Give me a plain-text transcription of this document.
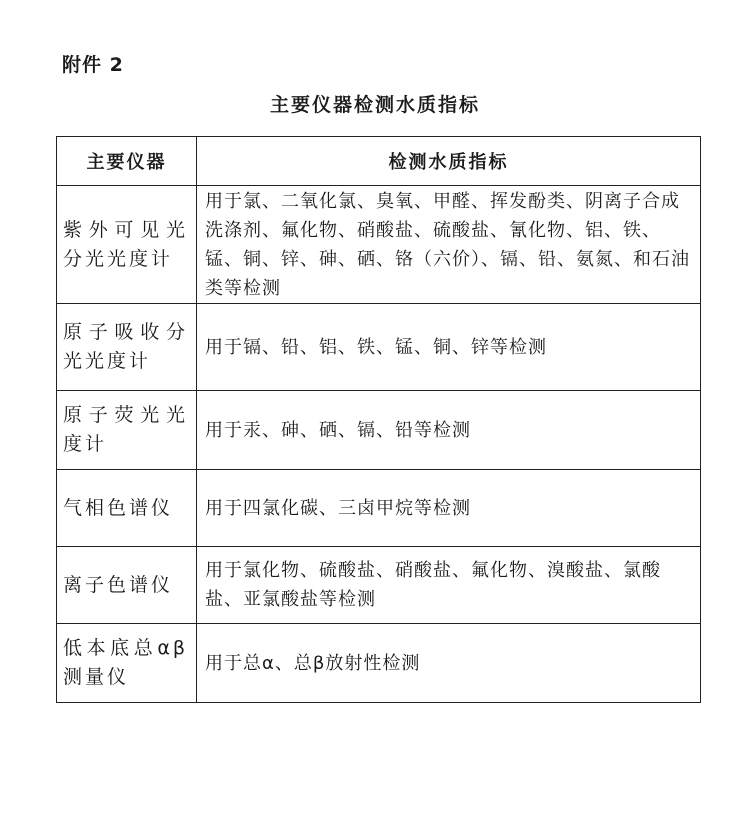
附件 2
主要仪器检测水质指标
主要仪器	检测水质指标
紫外可见光分光光度计	用于氯、二氧化氯、臭氧、甲醛、挥发酚类、阴离子合成洗涤剂、氟化物、硝酸盐、硫酸盐、氰化物、铝、铁、锰、铜、锌、砷、硒、铬（六价）、镉、铅、氨氮、和石油类等检测
原子吸收分光光度计	用于镉、铅、铝、铁、锰、铜、锌等检测
原子荧光光度计	用于汞、砷、硒、镉、铅等检测
气相色谱仪	用于四氯化碳、三卤甲烷等检测
离子色谱仪	用于氯化物、硫酸盐、硝酸盐、氟化物、溴酸盐、氯酸盐、亚氯酸盐等检测
低本底总αβ测量仪	用于总α、总β放射性检测
